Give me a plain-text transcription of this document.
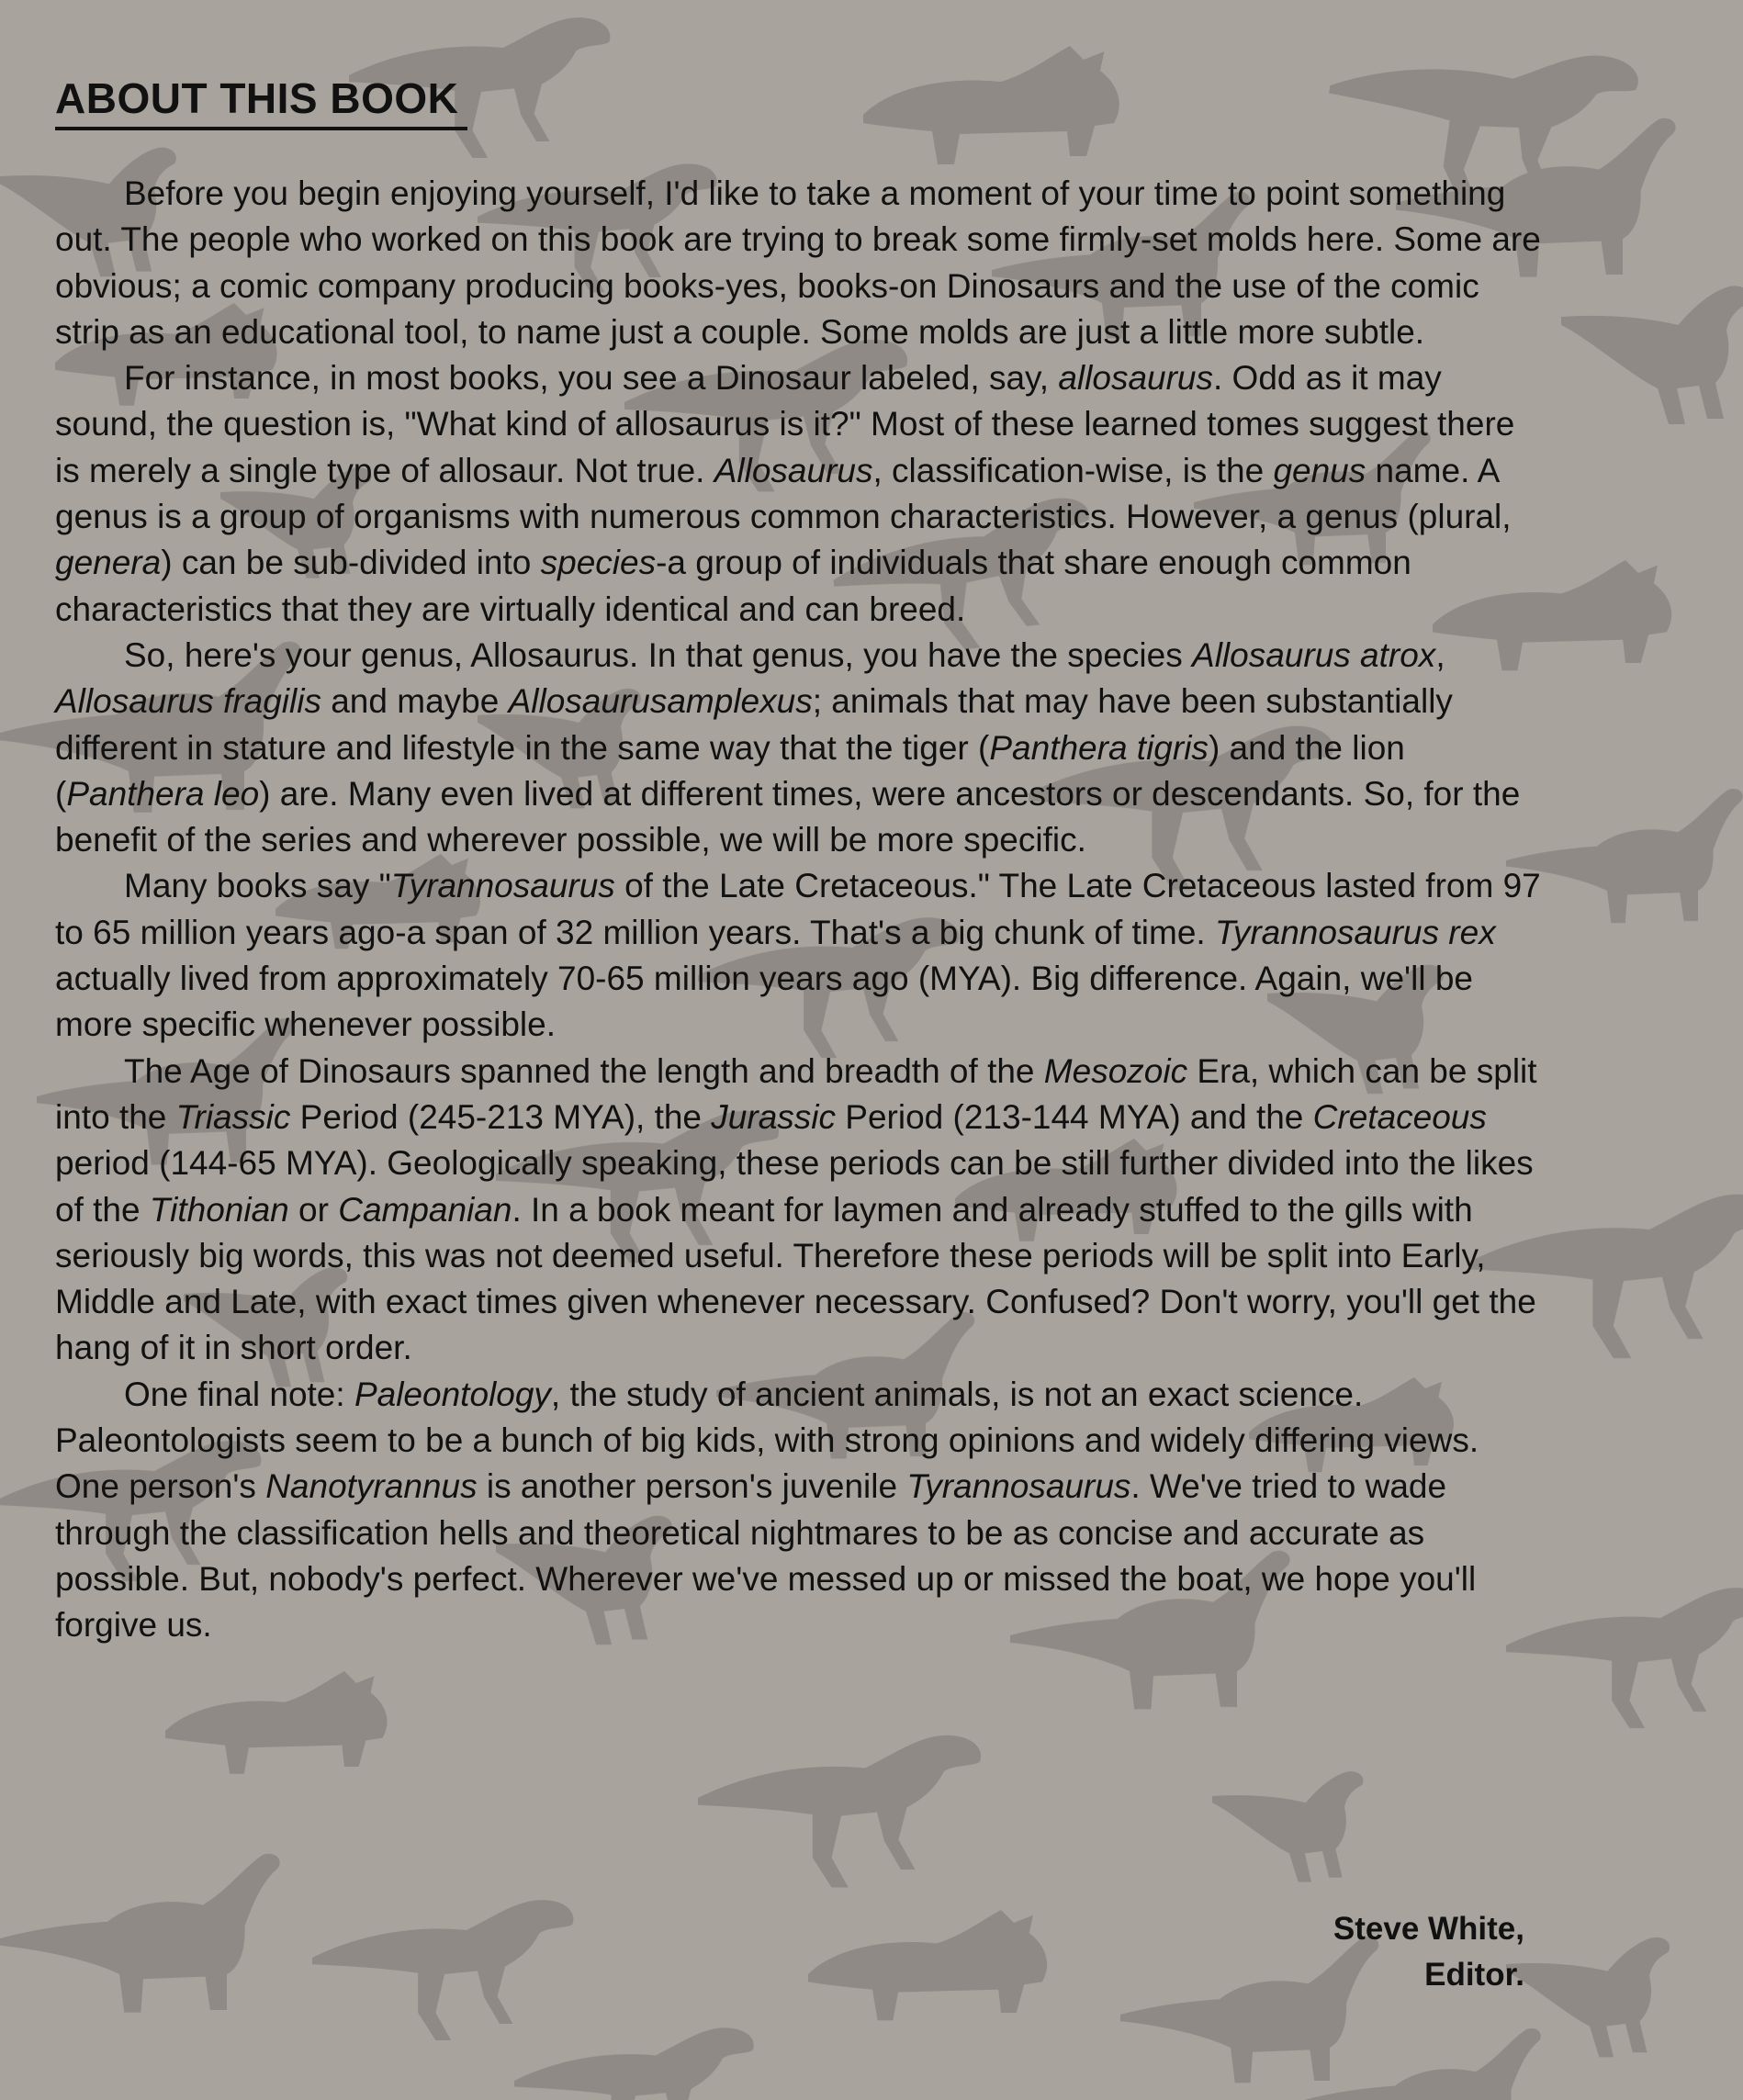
ABOUT THIS BOOK

Before you begin enjoying yourself, I'd like to take a moment of your time to point something out. The people who worked on this book are trying to break some firmly-set molds here. Some are obvious; a comic company producing books-yes, books-on Dinosaurs and the use of the comic strip as an educational tool, to name just a couple. Some molds are just a little more subtle.

For instance, in most books, you see a Dinosaur labeled, say, allosaurus. Odd as it may sound, the question is, "What kind of allosaurus is it?" Most of these learned tomes suggest there is merely a single type of allosaur. Not true. Allosaurus, classification-wise, is the genus name. A genus is a group of organisms with numerous common characteristics. However, a genus (plural, genera) can be sub-divided into species-a group of individuals that share enough common characteristics that they are virtually identical and can breed.

So, here's your genus, Allosaurus. In that genus, you have the species Allosaurus atrox, Allosaurus fragilis and maybe Allosaurusamplexus; animals that may have been substantially different in stature and lifestyle in the same way that the tiger (Panthera tigris) and the lion (Panthera leo) are. Many even lived at different times, were ancestors or descendants. So, for the benefit of the series and wherever possible, we will be more specific.

Many books say "Tyrannosaurus of the Late Cretaceous." The Late Cretaceous lasted from 97 to 65 million years ago-a span of 32 million years. That's a big chunk of time. Tyrannosaurus rex actually lived from approximately 70-65 million years ago (MYA). Big difference. Again, we'll be more specific whenever possible.

The Age of Dinosaurs spanned the length and breadth of the Mesozoic Era, which can be split into the Triassic Period (245-213 MYA), the Jurassic Period (213-144 MYA) and the Cretaceous period (144-65 MYA). Geologically speaking, these periods can be still further divided into the likes of the Tithonian or Campanian. In a book meant for laymen and already stuffed to the gills with seriously big words, this was not deemed useful. Therefore these periods will be split into Early, Middle and Late, with exact times given whenever necessary. Confused? Don't worry, you'll get the hang of it in short order.

One final note: Paleontology, the study of ancient animals, is not an exact science. Paleontologists seem to be a bunch of big kids, with strong opinions and widely differing views. One person's Nanotyrannus is another person's juvenile Tyrannosaurus. We've tried to wade through the classification hells and theoretical nightmares to be as concise and accurate as possible. But, nobody's perfect. Wherever we've messed up or missed the boat, we hope you'll forgive us.

Steve White,
Editor.
